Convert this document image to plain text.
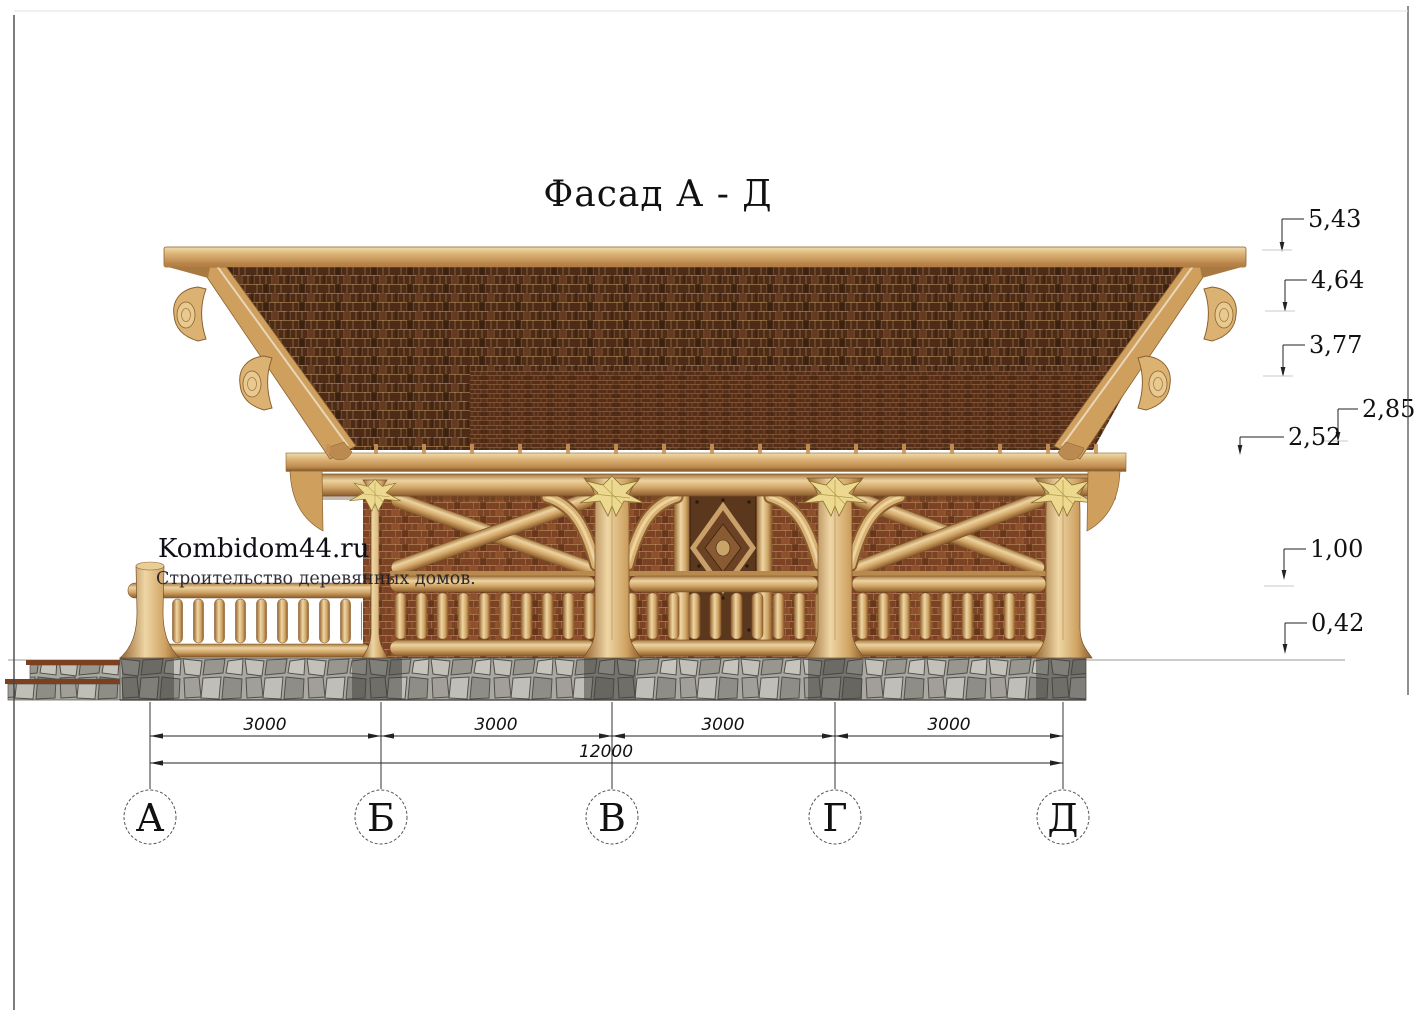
3000	3000	3000	3000
12000
А	Б	В	Г	Д
5,43
4,64
3,77
2,85
2,52
1,00
0,42
Фасад А - Д
Kombidom44.ru
Строительство деревянных домов.
